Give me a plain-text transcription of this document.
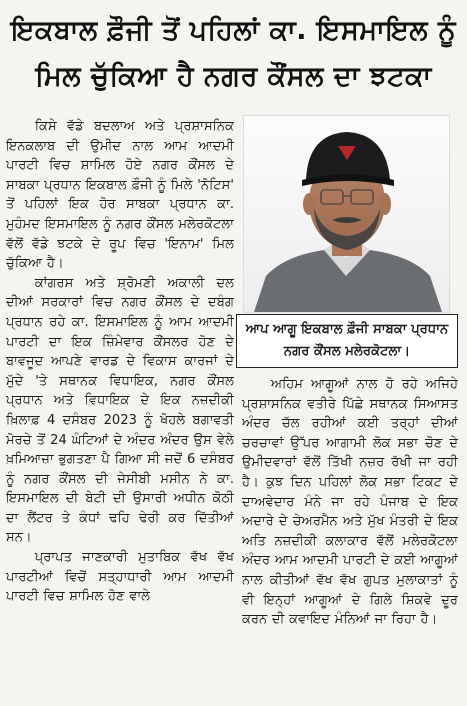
ਇਕਬਾਲ ਫ਼ੌਜੀ ਤੋਂ ਪਹਿਲਾਂ ਕਾ. ਇਸਮਾਇਲ ਨੂੰ
ਮਿਲ ਚੁੱਕਿਆ ਹੈ ਨਗਰ ਕੌਂਸਲ ਦਾ ਝਟਕਾ

ਕਿਸੇ ਵੱਡੇ ਬਦਲਾਅ ਅਤੇ ਪ੍ਰਸ਼ਾਸਨਿਕ ਇਨਕਲਾਬ ਦੀ ਉਮੀਦ ਨਾਲ ਆਮ ਆਦਮੀ ਪਾਰਟੀ ਵਿਚ ਸ਼ਾਮਿਲ ਹੋਏ ਨਗਰ ਕੌਂਸਲ ਦੇ ਸਾਬਕਾ ਪ੍ਰਧਾਨ ਇਕਬਾਲ ਫ਼ੌਜੀ ਨੂੰ ਮਿਲੇ 'ਨੋਟਿਸ' ਤੋਂ ਪਹਿਲਾਂ ਇਕ ਹੋਰ ਸਾਬਕਾ ਪ੍ਰਧਾਨ ਕਾ. ਮੁਹੰਮਦ ਇਸਮਾਇਲ ਨੂੰ ਨਗਰ ਕੌਂਸਲ ਮਲੇਰਕੋਟਲਾ ਵੱਲੋਂ ਵੱਡੇ ਝਟਕੇ ਦੇ ਰੂਪ ਵਿਚ 'ਇਨਾਮ' ਮਿਲ ਚੁੱਕਿਆ ਹੈ।

ਕਾਂਗਰਸ ਅਤੇ ਸ਼੍ਰੋਮਣੀ ਅਕਾਲੀ ਦਲ ਦੀਆਂ ਸਰਕਾਰਾਂ ਵਿਚ ਨਗਰ ਕੌਂਸਲ ਦੇ ਦਬੰਗ ਪ੍ਰਧਾਨ ਰਹੇ ਕਾ. ਇਸਮਾਇਲ ਨੂੰ ਆਮ ਆਦਮੀ ਪਾਰਟੀ ਦਾ ਇਕ ਜ਼ਿੰਮੇਵਾਰ ਕੌਂਸਲਰ ਹੋਣ ਦੇ ਬਾਵਜੂਦ ਆਪਣੇ ਵਾਰਡ ਦੇ ਵਿਕਾਸ ਕਾਰਜਾਂ ਦੇ ਮੁੱਦੇ 'ਤੇ ਸਥਾਨਕ ਵਿਧਾਇਕ, ਨਗਰ ਕੌਂਸਲ ਪ੍ਰਧਾਨ ਅਤੇ ਵਿਧਾਇਕ ਦੇ ਇਕ ਨਜ਼ਦੀਕੀ ਖ਼ਿਲਾਫ਼ 4 ਦਸੰਬਰ 2023 ਨੂੰ ਖੋਹਲੇ ਬਗਾਵਤੀ ਮੋਰਚੇ ਤੋਂ 24 ਘੰਟਿਆਂ ਦੇ ਅੰਦਰ ਅੰਦਰ ਉਸ ਵੇਲੇ ਖ਼ਮਿਆਜ਼ਾ ਭੁਗਤਣਾ ਪੈ ਗਿਆ ਸੀ ਜਦੋਂ 6 ਦਸੰਬਰ ਨੂੰ ਨਗਰ ਕੌਂਸਲ ਦੀ ਜੇਸੀਬੀ ਮਸੀਨ ਨੇ ਕਾ. ਇਸਮਾਇਲ ਦੀ ਬੇਟੀ ਦੀ ਉਸਾਰੀ ਅਧੀਨ ਕੋਠੀ ਦਾ ਲੈਂਟਰ ਤੇ ਕੰਧਾਂ ਢਹਿ ਢੇਰੀ ਕਰ ਦਿੱਤੀਆਂ ਸਨ।

ਪ੍ਰਾਪਤ ਜਾਣਕਾਰੀ ਮੁਤਾਬਿਕ ਵੱਖ ਵੱਖ ਪਾਰਟੀਆਂ ਵਿਚੋਂ ਸਤ੍ਹਾਧਾਰੀ ਆਮ ਆਦਮੀ ਪਾਰਟੀ ਵਿਚ ਸ਼ਾਮਿਲ ਹੋਣ ਵਾਲੇ

ਆਪ ਆਗੂ ਇਕਬਾਲ ਫ਼ੌਜੀ ਸਾਬਕਾ ਪ੍ਰਧਾਨ ਨਗਰ ਕੌਂਸਲ ਮਲੇਰਕੋਟਲਾ।

ਅਹਿਮ ਆਗੂਆਂ ਨਾਲ ਹੋ ਰਹੇ ਅਜਿਹੇ ਪ੍ਰਸ਼ਾਸਨਿਕ ਵਤੀਰੇ ਪਿੱਛੇ ਸਥਾਨਕ ਸਿਆਸਤ ਅੰਦਰ ਚੱਲ ਰਹੀਆਂ ਕਈ ਤਰ੍ਹਾਂ ਦੀਆਂ ਚਰਚਾਵਾਂ ਉੱਪਰ ਆਗਾਮੀ ਲੋਕ ਸਭਾ ਚੋਣ ਦੇ ਉਮੀਦਵਾਰਾਂ ਵੱਲੋਂ ਤਿੱਖੀ ਨਜ਼ਰ ਰੱਖੀ ਜਾ ਰਹੀ ਹੈ। ਕੁਝ ਦਿਨ ਪਹਿਲਾਂ ਲੋਕ ਸਭਾ ਟਿਕਟ ਦੇ ਦਾਅਵੇਦਾਰ ਮੰਨੇ ਜਾ ਰਹੇ ਪੰਜਾਬ ਦੇ ਇਕ ਅਦਾਰੇ ਦੇ ਚੇਅਰਮੈਨ ਅਤੇ ਮੁੱਖ ਮੰਤਰੀ ਦੇ ਇਕ ਅਤਿ ਨਜ਼ਦੀਕੀ ਕਲਾਕਾਰ ਵੱਲੋਂ ਮਲੇਰਕੋਟਲਾ ਅੰਦਰ ਆਮ ਆਦਮੀ ਪਾਰਟੀ ਦੇ ਕਈ ਆਗੂਆਂ ਨਾਲ ਕੀਤੀਆਂ ਵੱਖ ਵੱਖ ਗੁਪਤ ਮੁਲਾਕਾਤਾਂ ਨੂੰ ਵੀ ਇਨ੍ਹਾਂ ਆਗੂਆਂ ਦੇ ਗਿਲੇ ਸ਼ਿਕਵੇ ਦੂਰ ਕਰਨ ਦੀ ਕਵਾਇਦ ਮੰਨਿਆਂ ਜਾ ਰਿਹਾ ਹੈ।
